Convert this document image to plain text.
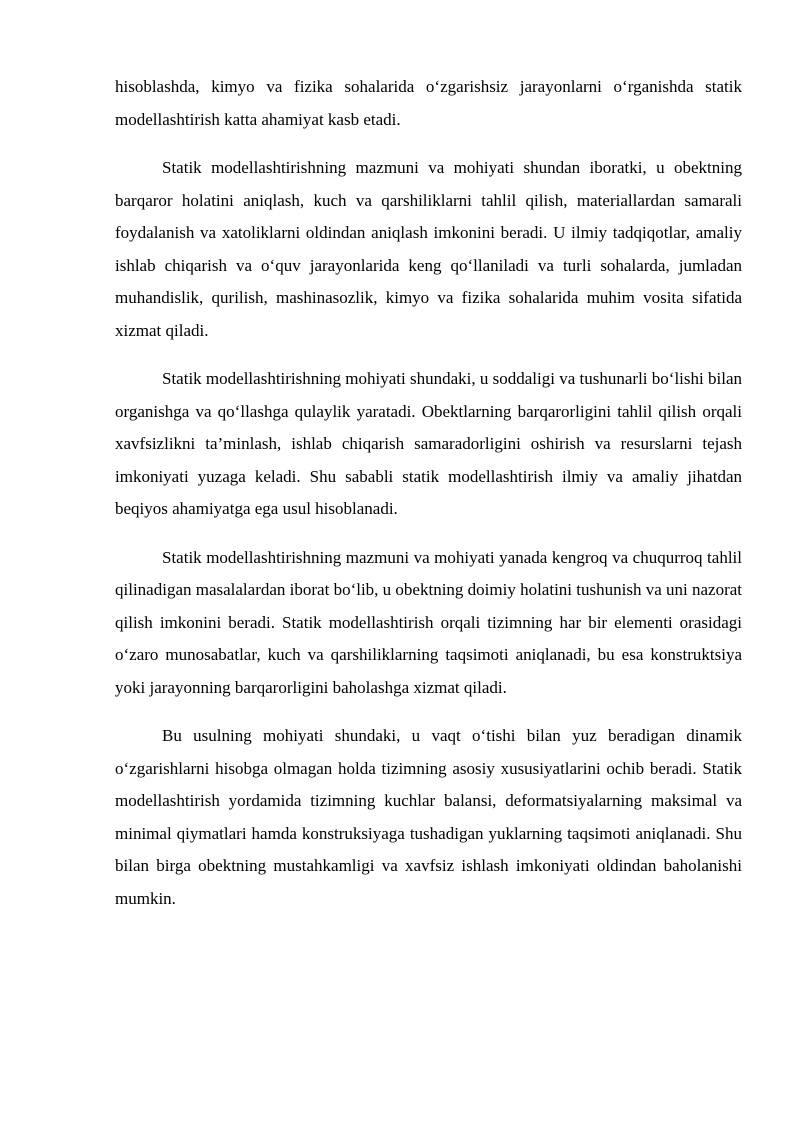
hisoblashda, kimyo va fizika sohalarida o‘zgarishsiz jarayonlarni o‘rganishda statik modellashtirish katta ahamiyat kasb etadi.

Statik modellashtirishning mazmuni va mohiyati shundan iboratki, u obektning barqaror holatini aniqlash, kuch va qarshiliklarni tahlil qilish, materiallardan samarali foydalanish va xatoliklarni oldindan aniqlash imkonini beradi. U ilmiy tadqiqotlar, amaliy ishlab chiqarish va o‘quv jarayonlarida keng qo‘llaniladi va turli sohalarda, jumladan muhandislik, qurilish, mashinasozlik, kimyo va fizika sohalarida muhim vosita sifatida xizmat qiladi.

Statik modellashtirishning mohiyati shundaki, u soddaligi va tushunarli bo‘lishi bilan organishga va qo‘llashga qulaylik yaratadi. Obektlarning barqarorligini tahlil qilish orqali xavfsizlikni ta’minlash, ishlab chiqarish samaradorligini oshirish va resurslarni tejash imkoniyati yuzaga keladi. Shu sababli statik modellashtirish ilmiy va amaliy jihatdan beqiyos ahamiyatga ega usul hisoblanadi.

Statik modellashtirishning mazmuni va mohiyati yanada kengroq va chuqurroq tahlil qilinadigan masalalardan iborat bo‘lib, u obektning doimiy holatini tushunish va uni nazorat qilish imkonini beradi. Statik modellashtirish orqali tizimning har bir elementi orasidagi o‘zaro munosabatlar, kuch va qarshiliklarning taqsimoti aniqlanadi, bu esa konstruktsiya yoki jarayonning barqarorligini baholashga xizmat qiladi.

Bu usulning mohiyati shundaki, u vaqt o‘tishi bilan yuz beradigan dinamik o‘zgarishlarni hisobga olmagan holda tizimning asosiy xususiyatlarini ochib beradi. Statik modellashtirish yordamida tizimning kuchlar balansi, deformatsiyalarning maksimal va minimal qiymatlari hamda konstruksiyaga tushadigan yuklarning taqsimoti aniqlanadi. Shu bilan birga obektning mustahkamligi va xavfsiz ishlash imkoniyati oldindan baholanishi mumkin.
